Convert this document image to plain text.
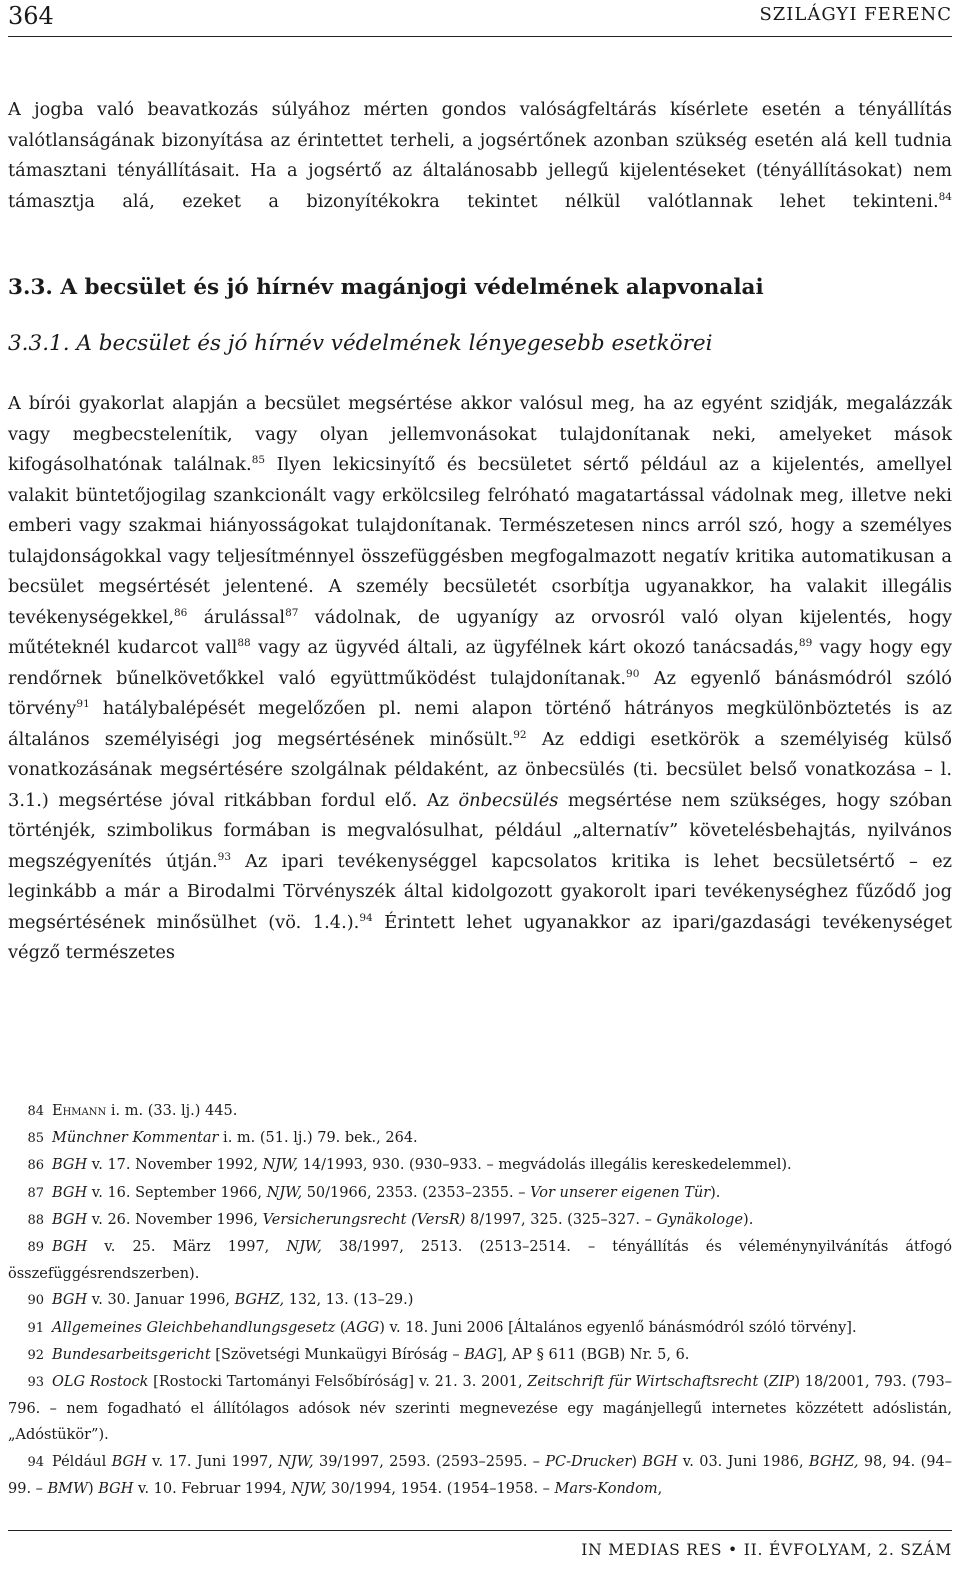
364	SZILÁGYI FERENC

A jogba való beavatkozás súlyához mérten gondos valóságfeltárás kísérlete esetén a tényállítás valótlanságának bizonyítása az érintettet terheli, a jogsértőnek azonban szükség esetén alá kell tudnia támasztani tényállításait. Ha a jogsértő az általánosabb jellegű kijelentéseket (tényállításokat) nem támasztja alá, ezeket a bizonyítékokra tekintet nélkül valótlannak lehet tekinteni.$^{84}$

3.3. A becsület és jó hírnév magánjogi védelmének alapvonalai
3.3.1. A becsület és jó hírnév védelmének lényegesebb esetkörei

A bírói gyakorlat alapján a becsület megsértése akkor valósul meg, ha az egyént szidják, megalázzák vagy megbecstelenítik, vagy olyan jellemvonásokat tulajdonítanak neki, amelyeket mások kifogásolhatónak találnak.$^{85}$ Ilyen lekicsinyítő és becsületet sértő például az a kijelentés, amellyel valakit büntetőjogilag szankcionált vagy erkölcsileg felróható magatartással vádolnak meg, illetve neki emberi vagy szakmai hiányosságokat tulajdonítanak. Természetesen nincs arról szó, hogy a személyes tulajdonságokkal vagy teljesítménnyel összefüggésben megfogalmazott negatív kritika automatikusan a becsület megsértését jelentené. A személy becsületét csorbítja ugyanakkor, ha valakit illegális tevékenységekkel,$^{86}$ árulással$^{87}$ vádolnak, de ugyanígy az orvosról való olyan kijelentés, hogy műtéteknél kudarcot vall$^{88}$ vagy az ügyvéd általi, az ügyfélnek kárt okozó tanácsadás,$^{89}$ vagy hogy egy rendőrnek bűnelkövetőkkel való együttműködést tulajdonítanak.$^{90}$ Az egyenlő bánásmódról szóló törvény$^{91}$ hatálybalépését megelőzően pl. nemi alapon történő hátrányos megkülönböztetés is az általános személyiségi jog megsértésének minősült.$^{92}$ Az eddigi esetkörök a személyiség külső vonatkozásának megsértésére szolgálnak példaként, az önbecsülés (ti. becsület belső vonatkozása – l. 3.1.) megsértése jóval ritkábban fordul elő. Az önbecsülés megsértése nem szükséges, hogy szóban történjék, szimbolikus formában is megvalósulhat, például „alternatív” követelésbehajtás, nyilvános megszégyenítés útján.$^{93}$ Az ipari tevékenységgel kapcsolatos kritika is lehet becsületsértő – ez leginkább a már a Birodalmi Törvényszék által kidolgozott gyakorolt ipari tevékenységhez fűződő jog megsértésének minősülhet (vö. 1.4.).$^{94}$ Érintett lehet ugyanakkor az ipari/gazdasági tevékenységet végző természetes

84 Ehmann i. m. (33. lj.) 445.
85 Münchner Kommentar i. m. (51. lj.) 79. bek., 264.
86 BGH v. 17. November 1992, NJW, 14/1993, 930. (930–933. – megvádolás illegális kereskedelemmel).
87 BGH v. 16. September 1966, NJW, 50/1966, 2353. (2353–2355. – Vor unserer eigenen Tür).
88 BGH v. 26. November 1996, Versicherungsrecht (VersR) 8/1997, 325. (325–327. – Gynäkologe).
89 BGH v. 25. März 1997, NJW, 38/1997, 2513. (2513–2514. – tényállítás és véleménynyilvánítás átfogó összefüggésrendszerben).
90 BGH v. 30. Januar 1996, BGHZ, 132, 13. (13–29.)
91 Allgemeines Gleichbehandlungsgesetz (AGG) v. 18. Juni 2006 [Általános egyenlő bánásmódról szóló törvény].
92 Bundesarbeitsgericht [Szövetségi Munkaügyi Bíróság – BAG], AP § 611 (BGB) Nr. 5, 6.
93 OLG Rostock [Rostocki Tartományi Felsőbíróság] v. 21. 3. 2001, Zeitschrift für Wirtschaftsrecht (ZIP) 18/2001, 793. (793–796. – nem fogadható el állítólagos adósok név szerinti megnevezése egy magánjellegű internetes közzétett adóslistán, „Adóstükör”).
94 Például BGH v. 17. Juni 1997, NJW, 39/1997, 2593. (2593–2595. – PC-Drucker) BGH v. 03. Juni 1986, BGHZ, 98, 94. (94–99. – BMW) BGH v. 10. Februar 1994, NJW, 30/1994, 1954. (1954–1958. – Mars-Kondom,
IN MEDIAS RES • II. ÉVFOLYAM, 2. SZÁM
